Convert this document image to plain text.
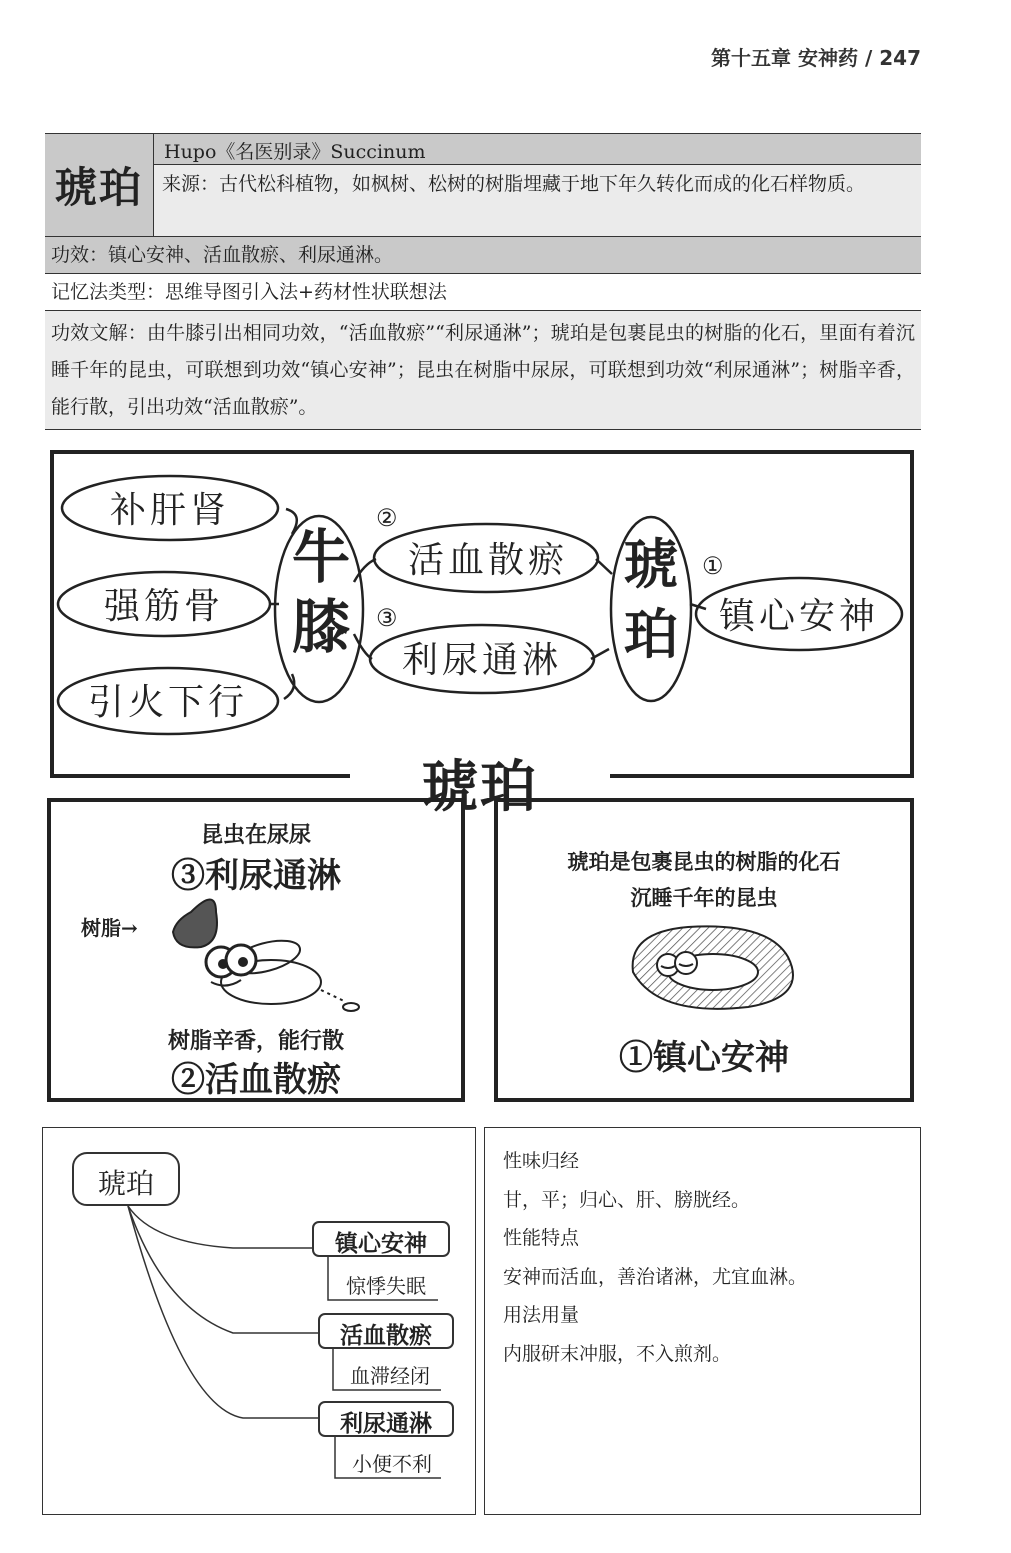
第十五章 安神药 / 247
琥珀
Hupo《名医别录》Succinum
来源：古代松科植物，如枫树、松树的树脂埋藏于地下年久转化而成的化石样物质。
功效：镇心安神、活血散瘀、利尿通淋。
记忆法类型：思维导图引入法+药材性状联想法
功效文解：由牛膝引出相同功效，“活血散瘀”“利尿通淋”；琥珀是包裹昆虫的树脂的化石，里面有着沉睡千年的昆虫，可联想到功效“镇心安神”；昆虫在树脂中尿尿，可联想到功效“利尿通淋”；树脂辛香，能行散，引出功效“活血散瘀”。
补肝肾
强筋骨
引火下行
牛膝
②
活血散瘀
③
利尿通淋
琥珀
①
镇心安神
琥珀
昆虫在尿尿
③利尿通淋
树脂→
树脂辛香，能行散
②活血散瘀
琥珀是包裹昆虫的树脂的化石
沉睡千年的昆虫
①镇心安神
琥珀
镇心安神
惊悸失眠
活血散瘀
血滞经闭
利尿通淋
小便不利
性味归经
甘，平；归心、肝、膀胱经。
性能特点
安神而活血，善治诸淋，尤宜血淋。
用法用量
内服研末冲服，不入煎剂。
